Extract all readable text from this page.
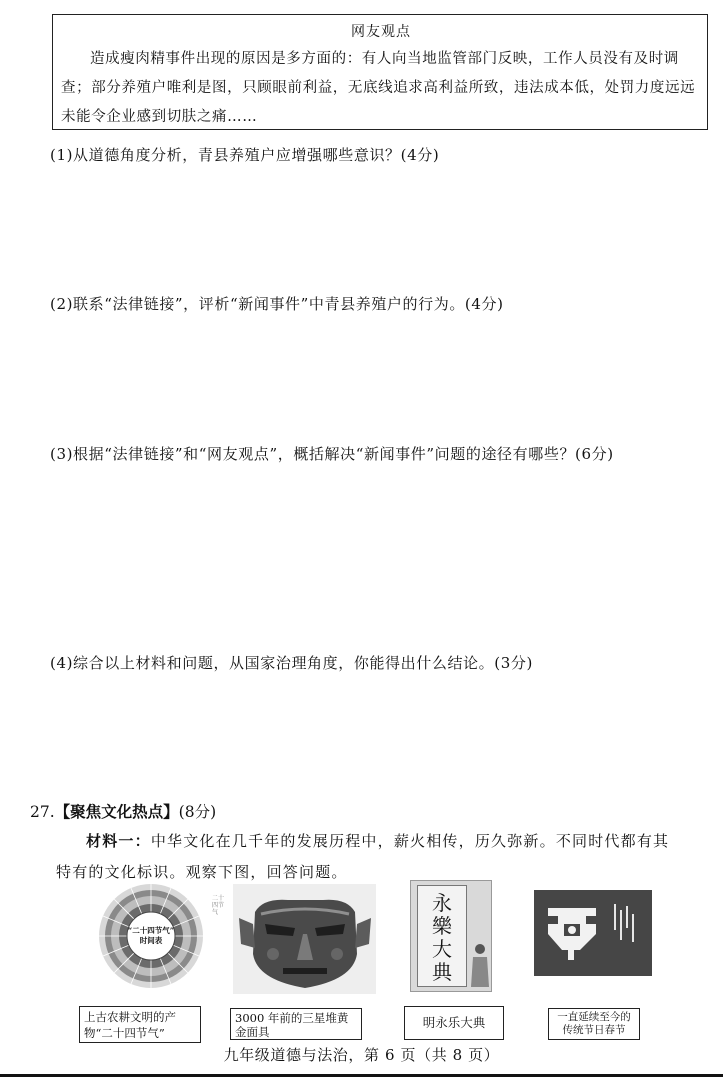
网友观点
造成瘦肉精事件出现的原因是多方面的：有人向当地监管部门反映，工作人员没有及时调查；部分养殖户唯利是图，只顾眼前利益，无底线追求高利益所致，违法成本低，处罚力度远远未能令企业感到切肤之痛……
(1)从道德角度分析，青县养殖户应增强哪些意识？(4分)
(2)联系“法律链接”，评析“新闻事件”中青县养殖户的行为。(4分)
(3)根据“法律链接”和“网友观点”，概括解决“新闻事件”问题的途径有哪些？(6分)
(4)综合以上材料和问题，从国家治理角度，你能得出什么结论。(3分)
27.【聚焦文化热点】(8分)
材料一：中华文化在几千年的发展历程中，薪火相传，历久弥新。不同时代都有其
特有的文化标识。观察下图，回答问题。
“二十四节气”
时间表
二十四节气
上古农耕文明的产物“二十四节气”
3000 年前的三星堆黄金面具
永
樂
大
典
明永乐大典	一直延续至今的传统节日春节
九年级道德与法治，第 6 页（共 8 页）
